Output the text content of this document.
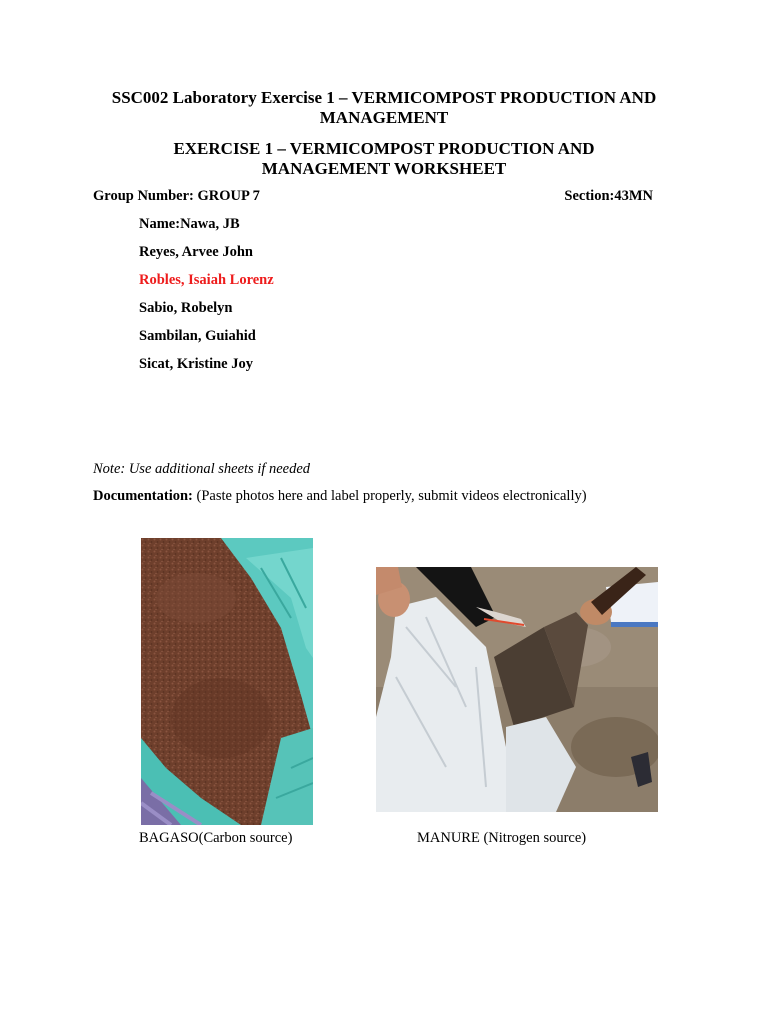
SSC002 Laboratory Exercise 1 – VERMICOMPOST PRODUCTION AND
MANAGEMENT
EXERCISE 1 – VERMICOMPOST PRODUCTION AND
MANAGEMENT WORKSHEET
Group Number: GROUP 7	Section:43MN
Name:Nawa, JB
Reyes, Arvee John
Robles, Isaiah Lorenz
Sabio, Robelyn
Sambilan, Guiahid
Sicat, Kristine Joy
Note: Use additional sheets if needed
Documentation: (Paste photos here and label properly, submit videos electronically)
BAGASO(Carbon source)	MANURE (Nitrogen source)
